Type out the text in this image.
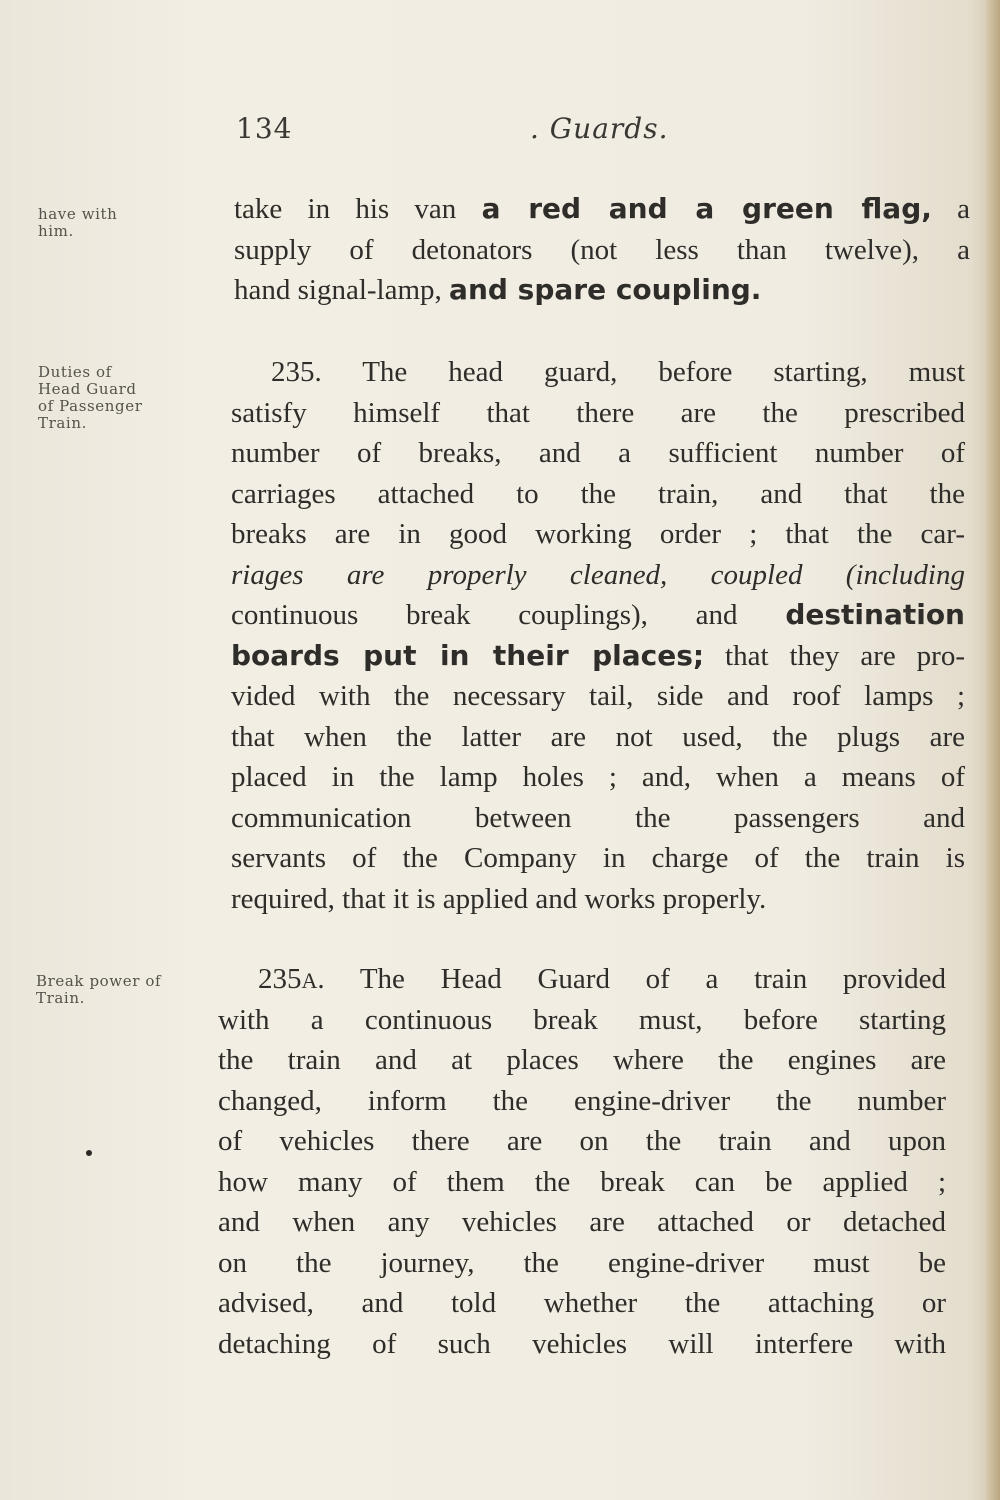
134	. Guards.
have with
him.
Duties of
Head Guard
of Passenger
Train.
Break power of
Train.
take in his van a red and a green flag, a
supply of detonators (not less than twelve), a
hand signal-lamp, and spare coupling.
235. The head guard, before starting, must
satisfy himself that there are the prescribed
number of breaks, and a sufficient number of
carriages attached to the train, and that the
breaks are in good working order ; that the car-
riages are properly cleaned, coupled (including
continuous break couplings), and destination
boards put in their places; that they are pro-
vided with the necessary tail, side and roof lamps ;
that when the latter are not used, the plugs are
placed in the lamp holes ; and, when a means of
communication between the passengers and
servants of the Company in charge of the train is
required, that it is applied and works properly.
235A. The Head Guard of a train provided
with a continuous break must, before starting
the train and at places where the engines are
changed, inform the engine-driver the number
of vehicles there are on the train and upon
how many of them the break can be applied ;
and when any vehicles are attached or detached
on the journey, the engine-driver must be
advised, and told whether the attaching or
detaching of such vehicles will interfere with
